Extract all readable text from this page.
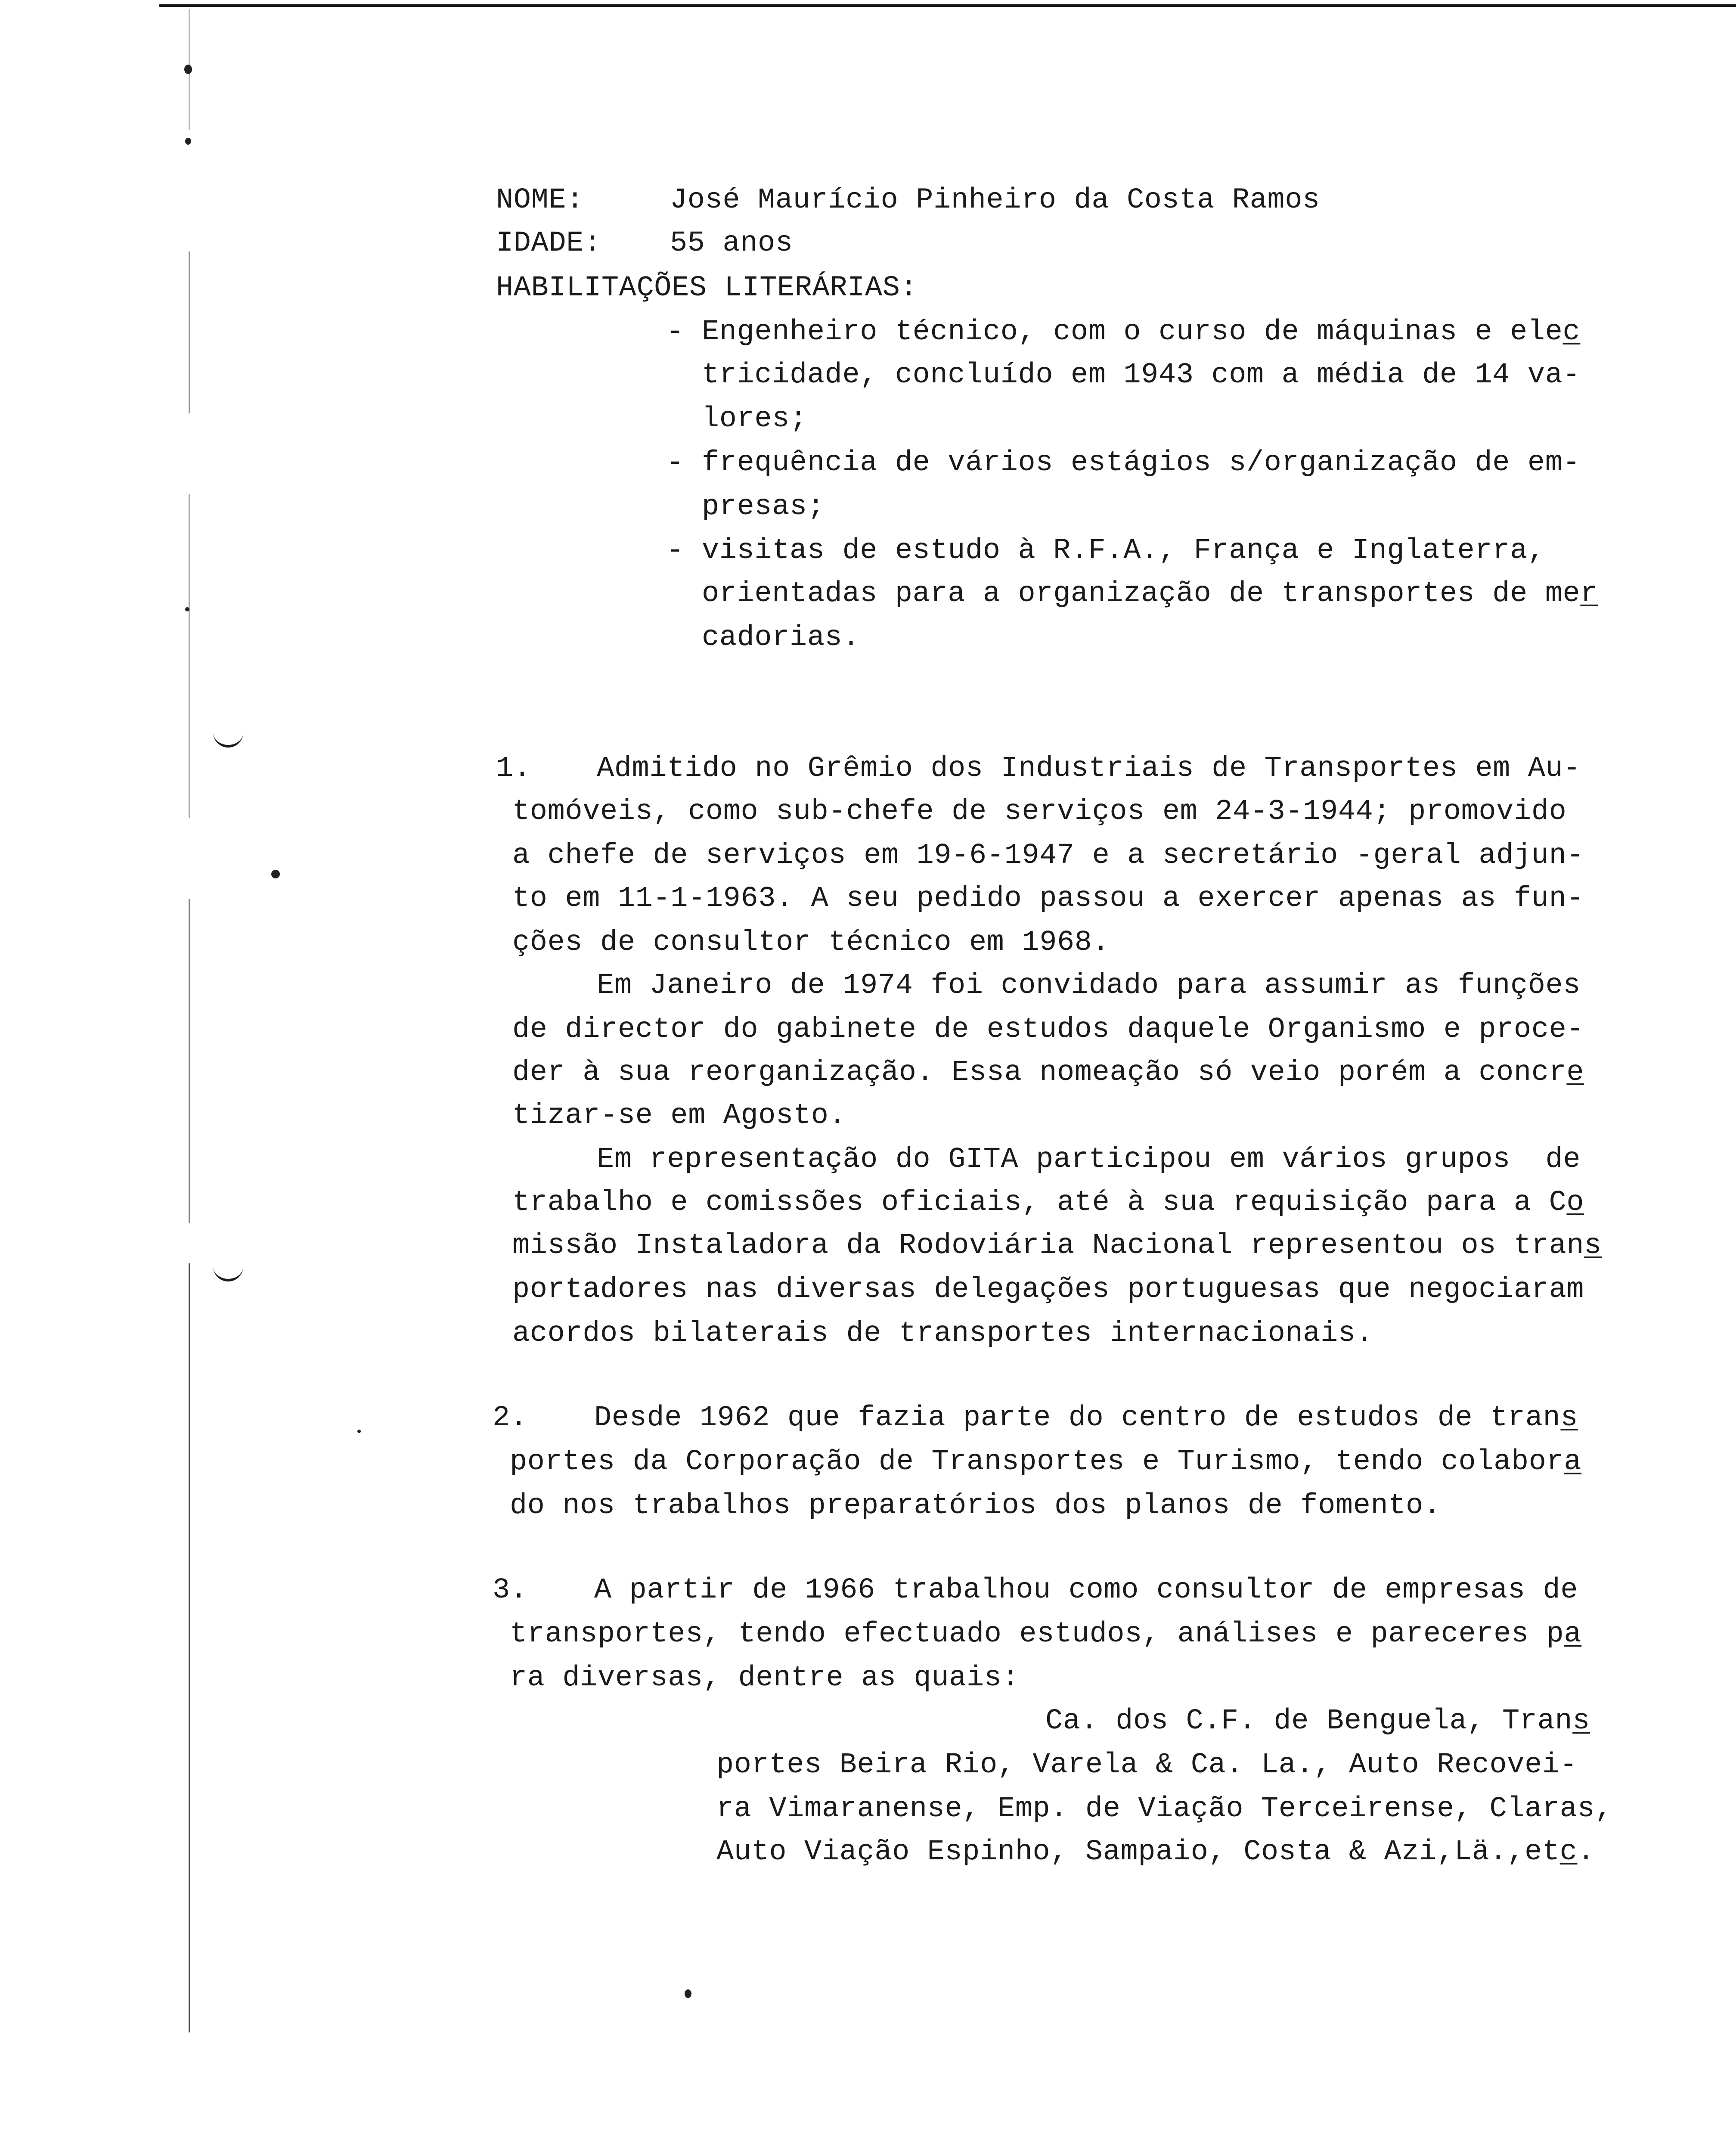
NOME:	José Maurício Pinheiro da Costa Ramos
IDADE: 55 anos
HABILITAÇÕES LITERÁRIAS:
- Engenheiro técnico, com o curso de máquinas e elec
tricidade, concluído em 1943 com a média de 14 va-
lores;
- frequência de vários estágios s/organização de em-
presas;
- visitas de estudo à R.F.A., França e Inglaterra,
orientadas para a organização de transportes de mer
cadorias.
1. Admitido no Grêmio dos Industriais de Transportes em Au-
tomóveis, como sub-chefe de serviços em 24-3-1944; promovido
a chefe de serviços em 19-6-1947 e a secretário -geral adjun-
to em 11-1-1963. A seu pedido passou a exercer apenas as fun-
ções de consultor técnico em 1968.
Em Janeiro de 1974 foi convidado para assumir as funções
de director do gabinete de estudos daquele Organismo e proce-
der à sua reorganização. Essa nomeação só veio porém a concre
tizar-se em Agosto.
Em representação do GITA participou em vários grupos  de
trabalho e comissões oficiais, até à sua requisição para a Co
missão Instaladora da Rodoviária Nacional representou os trans
portadores nas diversas delegações portuguesas que negociaram
acordos bilaterais de transportes internacionais.
2. Desde 1962 que fazia parte do centro de estudos de trans
portes da Corporação de Transportes e Turismo, tendo colabora
do nos trabalhos preparatórios dos planos de fomento.
3. A partir de 1966 trabalhou como consultor de empresas de
transportes, tendo efectuado estudos, análises e pareceres pa
ra diversas, dentre as quais:
Ca. dos C.F. de Benguela, Trans
portes Beira Rio, Varela & Ca. La., Auto Recovei-
ra Vimaranense, Emp. de Viação Terceirense, Claras,
Auto Viação Espinho, Sampaio, Costa & Azi,Lä.,etc.
